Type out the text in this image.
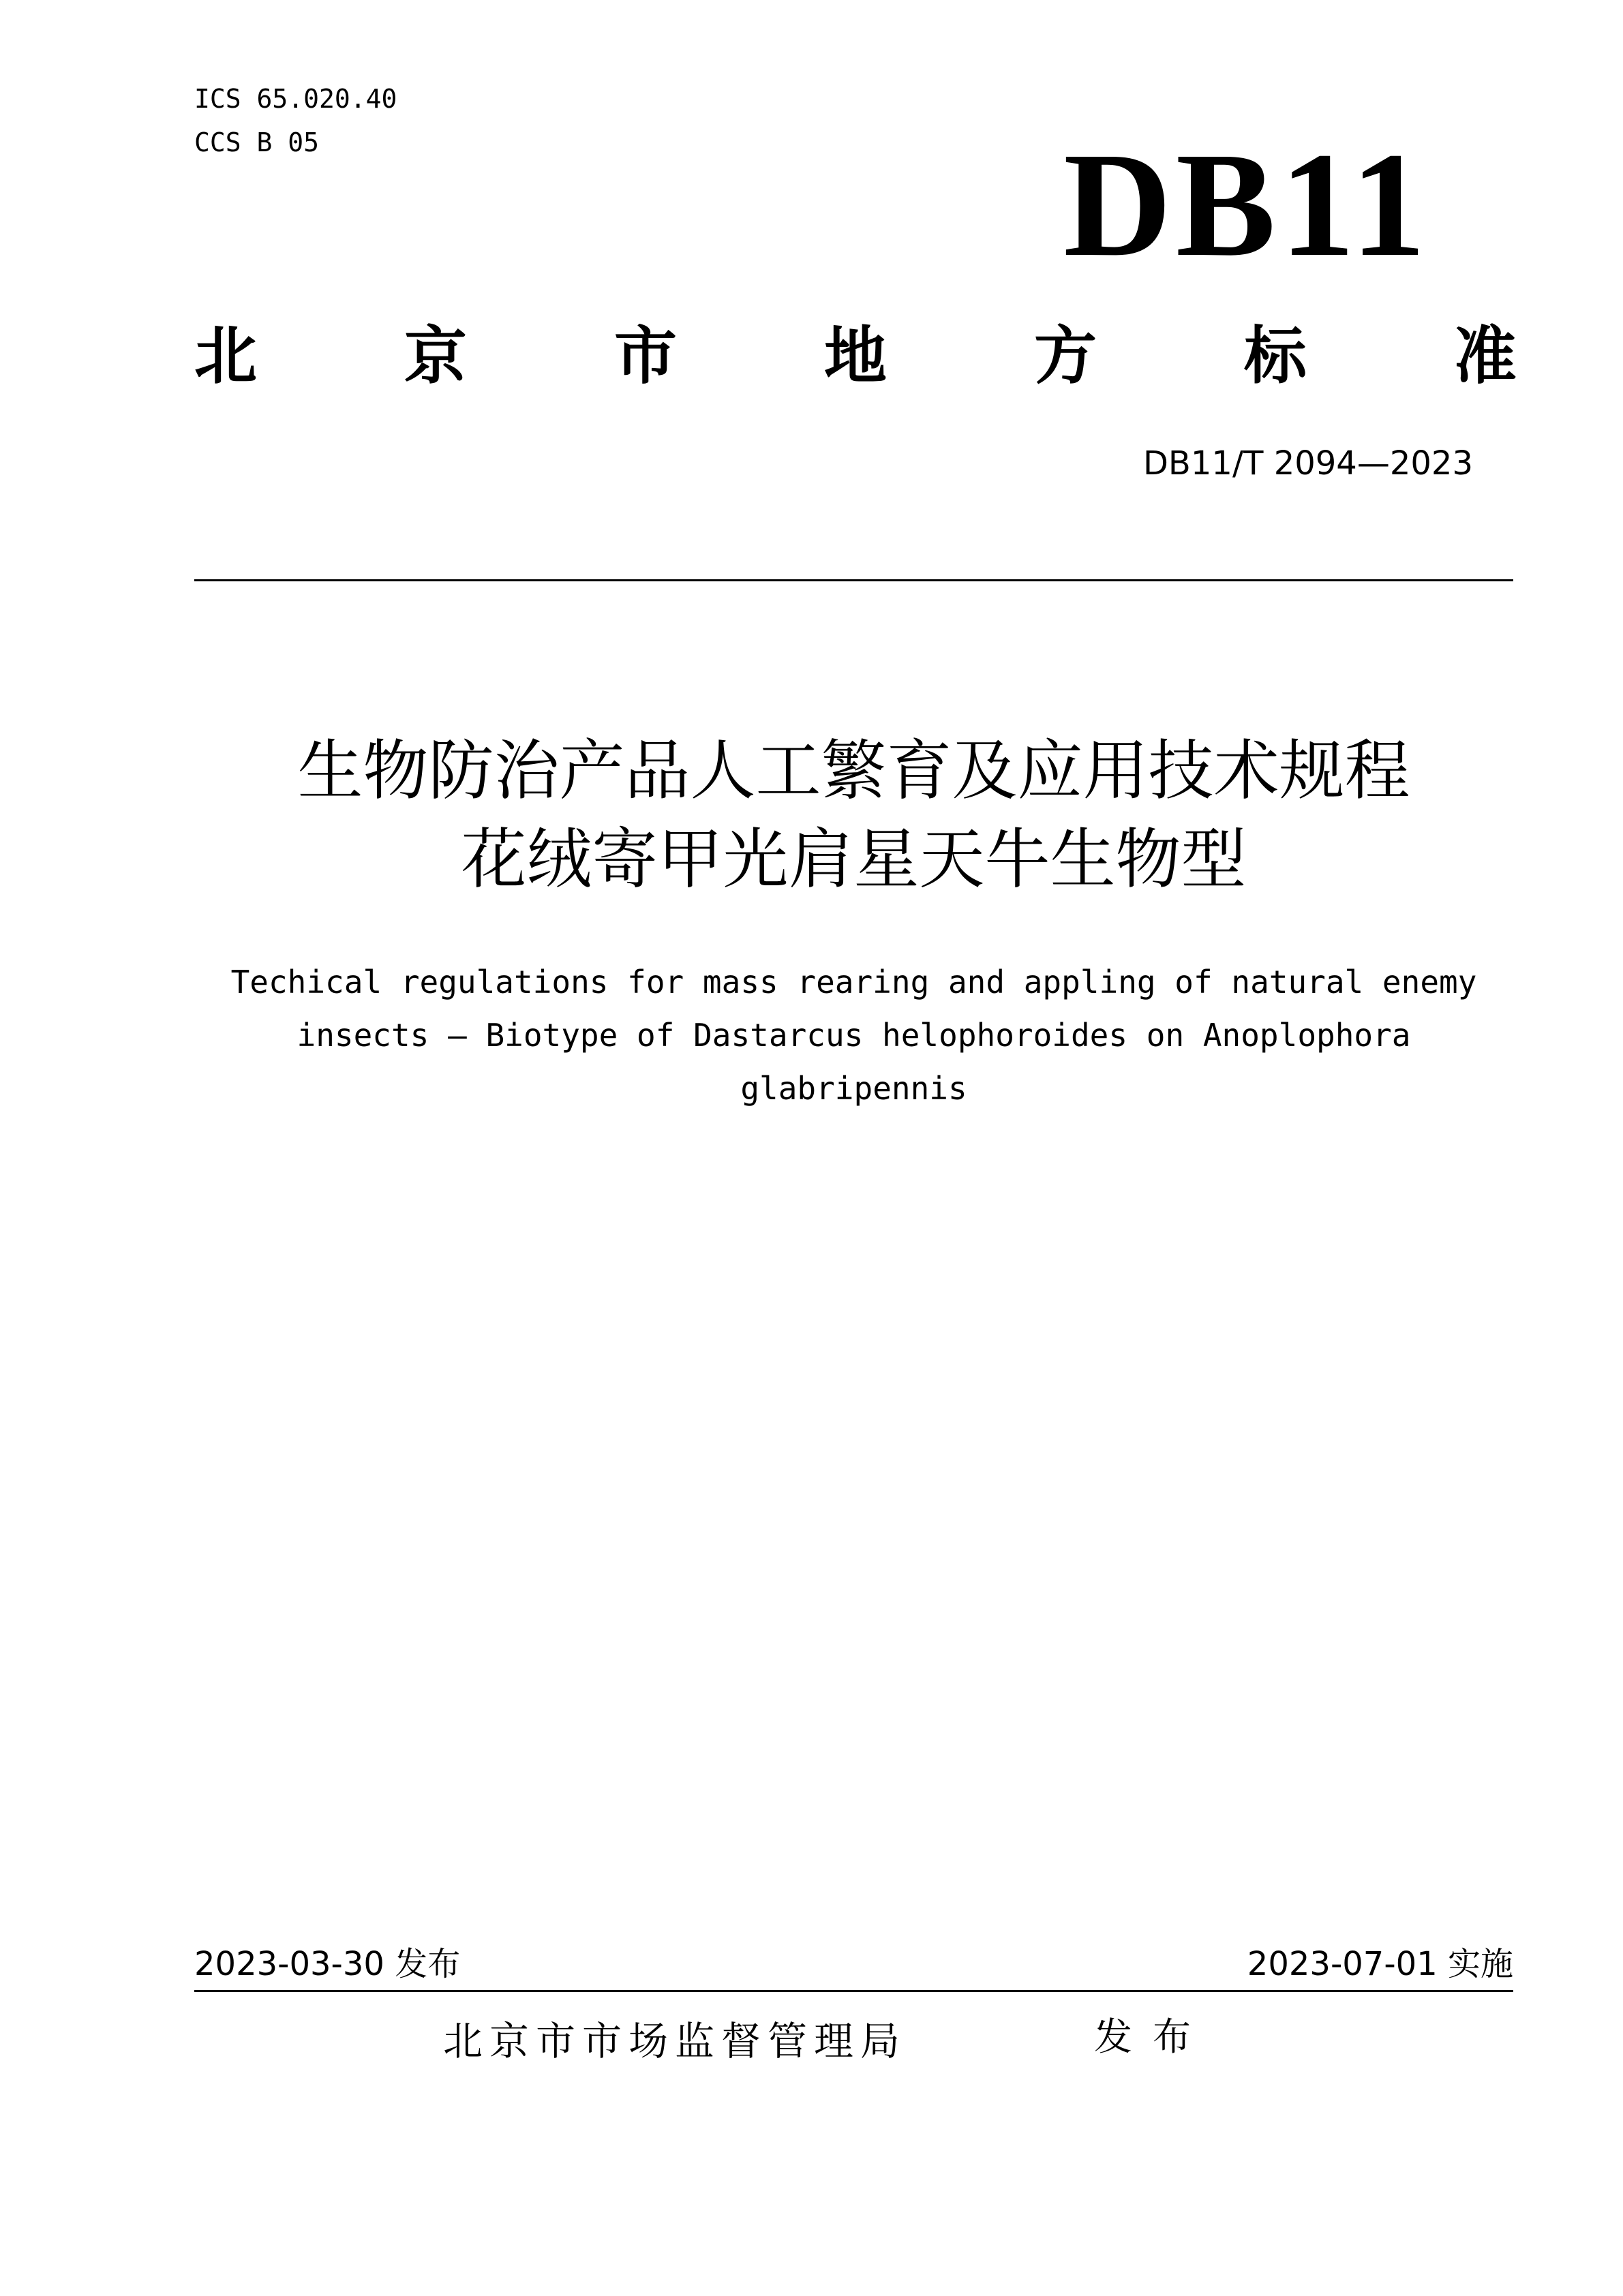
ICS 65.020.40
CCS B 05	DB11
北 京 市 地 方 标 准
DB11/T 2094—2023
生物防治产品人工繁育及应用技术规程
花绒寄甲光肩星天牛生物型
Techical regulations for mass rearing and appling of natural enemy
insects — Biotype of Dastarcus helophoroides on Anoplophora
glabripennis
2023-03-30 发布	2023-07-01 实施
北京市市场监督管理局	发布
